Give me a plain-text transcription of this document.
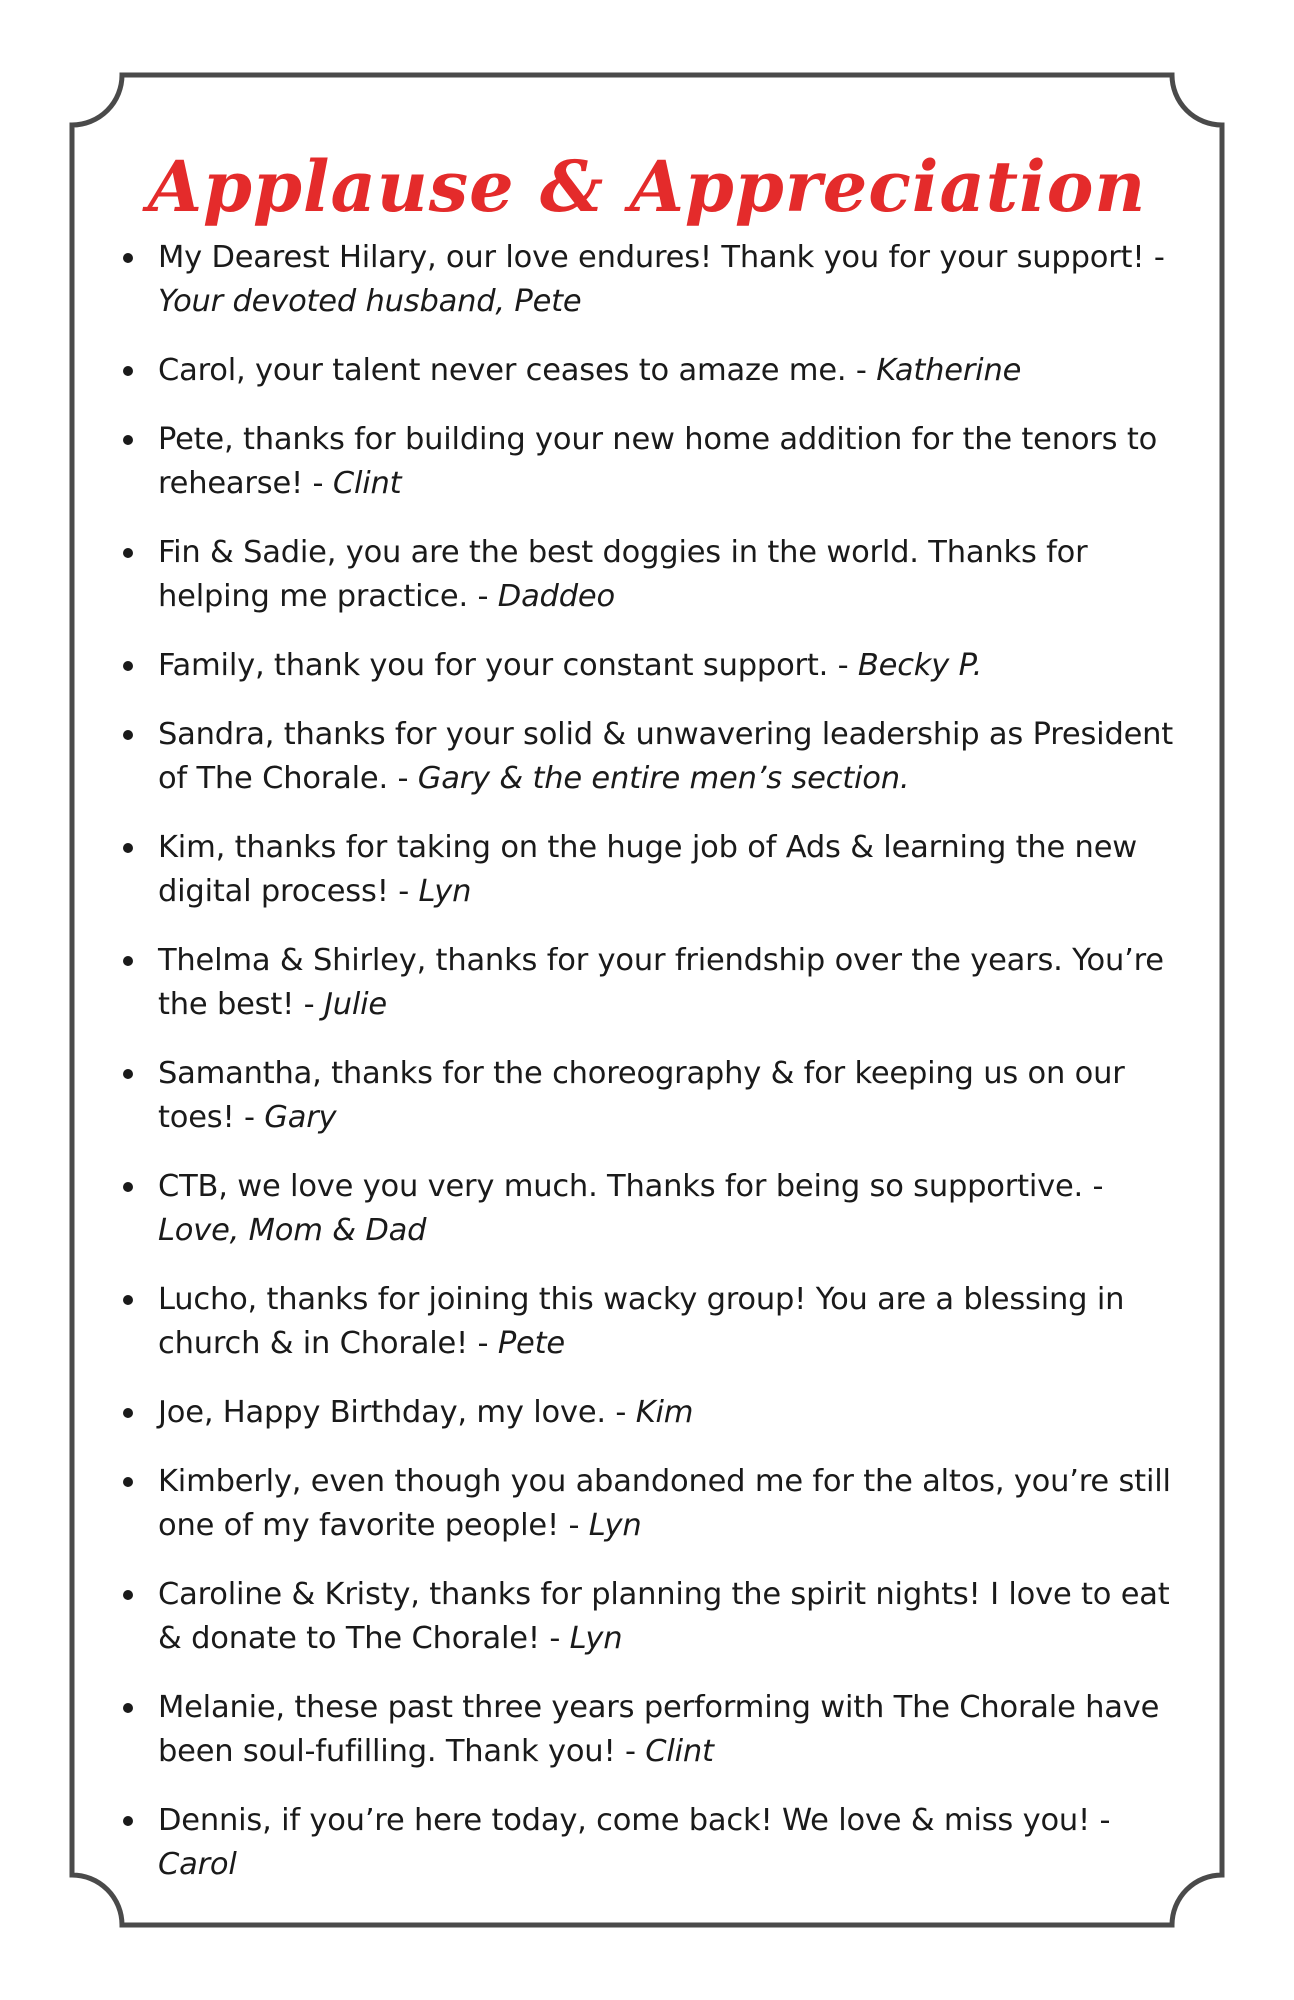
Applause & Appreciation
My Dearest Hilary, our love endures! Thank you for your support! - Your devoted husband, Pete
Carol, your talent never ceases to amaze me. - Katherine
Pete, thanks for building your new home addition for the tenors to rehearse! - Clint
Fin & Sadie, you are the best doggies in the world. Thanks for helping me practice. - Daddeo
Family, thank you for your constant support. - Becky P.
Sandra, thanks for your solid & unwavering leadership as President of The Chorale. - Gary & the entire men’s section.
Kim, thanks for taking on the huge job of Ads & learning the new digital process! - Lyn
Thelma & Shirley, thanks for your friendship over the years. You’re the best! - Julie
Samantha, thanks for the choreography & for keeping us on our toes! - Gary
CTB, we love you very much. Thanks for being so supportive. - Love, Mom & Dad
Lucho, thanks for joining this wacky group! You are a blessing in church & in Chorale! - Pete
Joe, Happy Birthday, my love. - Kim
Kimberly, even though you abandoned me for the altos, you’re still one of my favorite people! - Lyn
Caroline & Kristy, thanks for planning the spirit nights! I love to eat & donate to The Chorale! - Lyn
Melanie, these past three years performing with The Chorale have been soul-fufilling. Thank you! - Clint
Dennis, if you’re here today, come back! We love & miss you! - Carol
